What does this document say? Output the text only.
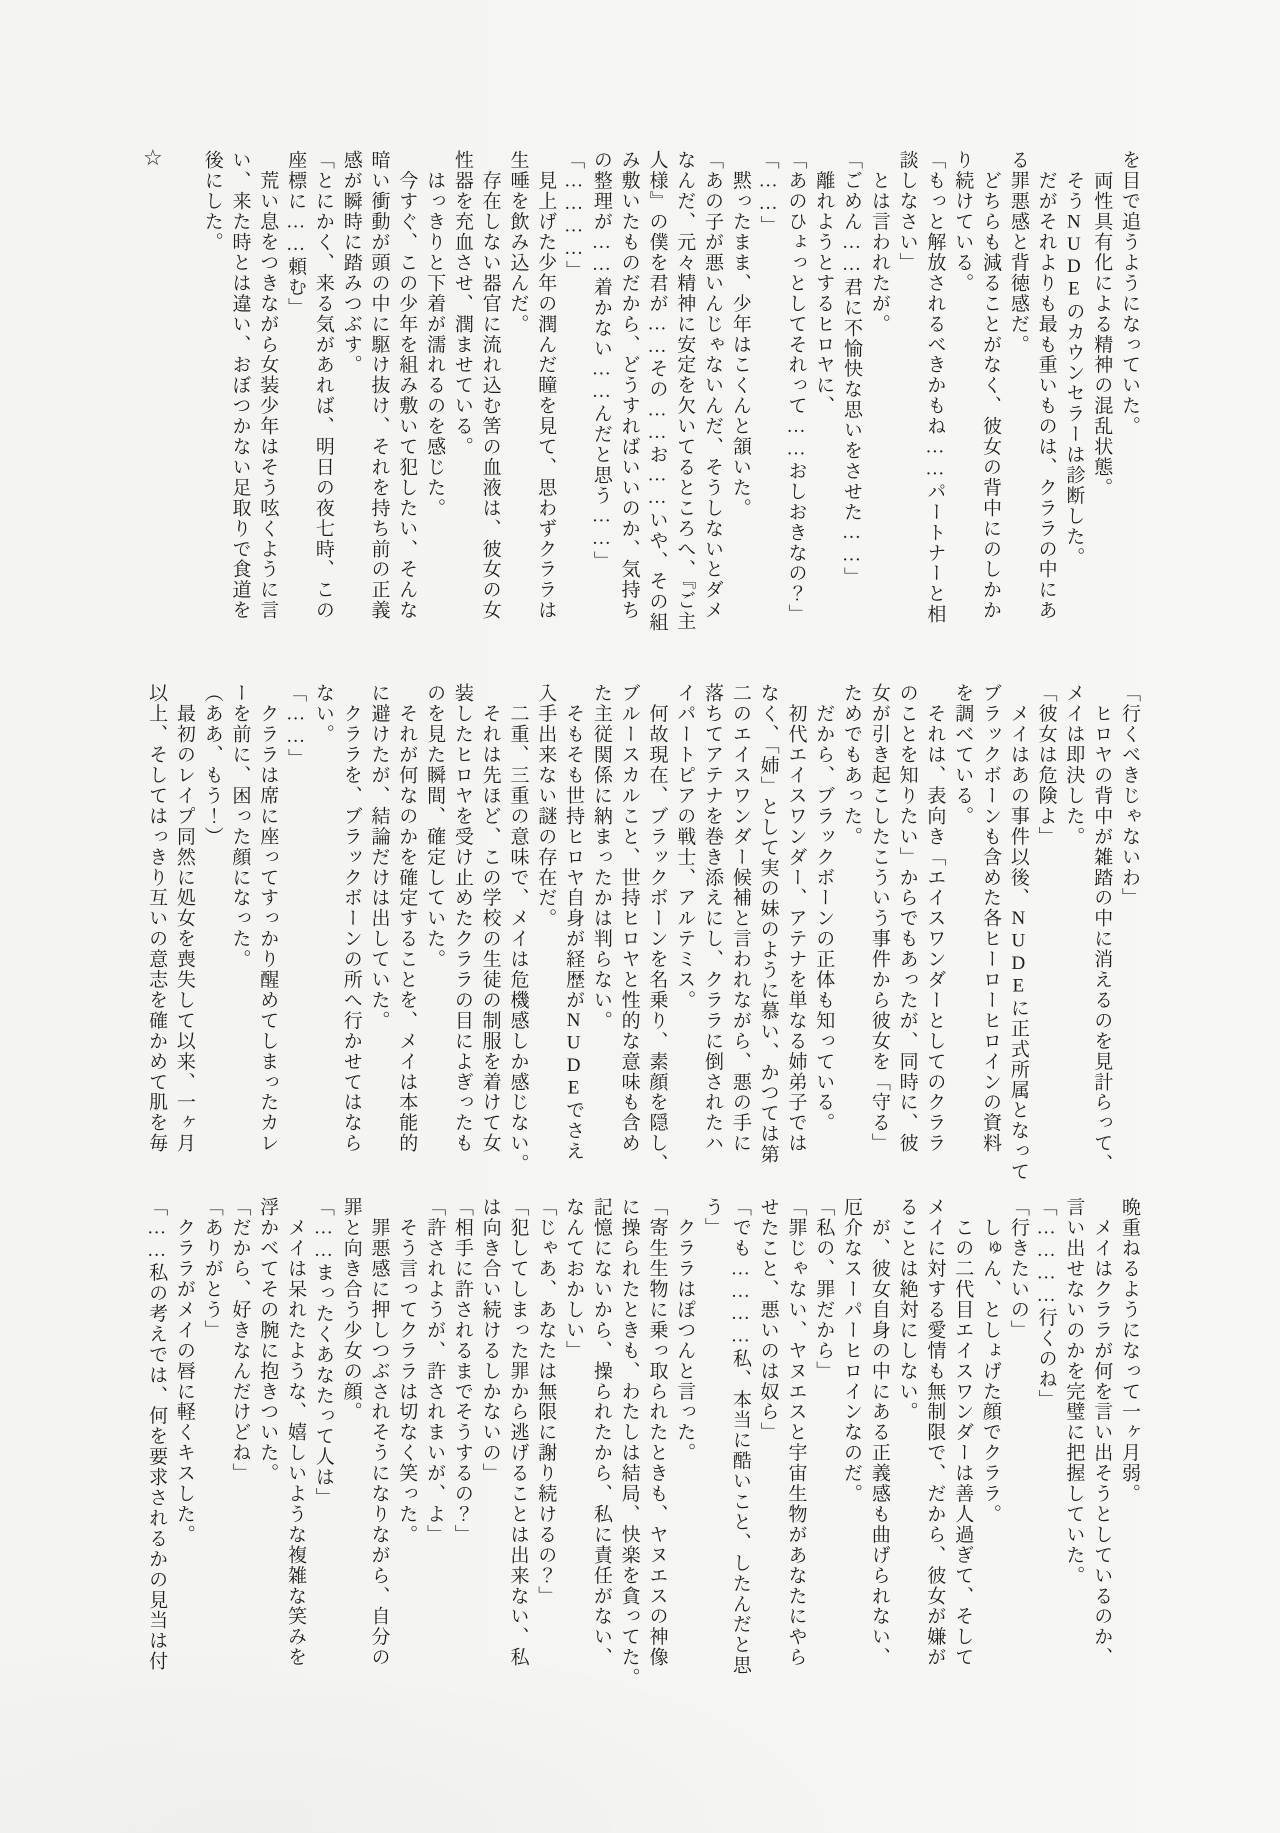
☆	を目で追うようになっていた。
　両性具有化による精神の混乱状態。
　そうNUDEのカウンセラーは診断した。
　だがそれよりも最も重いものは、クララの中にあ
る罪悪感と背徳感だ。
　どちらも減ることがなく、彼女の背中にのしかか
り続けている。
「もっと解放されるべきかもね……パートナーと相
談しなさい」
　とは言われたが。
「ごめん……君に不愉快な思いをさせた……」
　離れようとするヒロヤに、
「あのひょっとしてそれって……おしおきなの？」
「……」
　黙ったまま、少年はこくんと頷いた。
「あの子が悪いんじゃないんだ、そうしないとダメ
なんだ、元々精神に安定を欠いてるところへ、『ご主
人様』の僕を君が……その……お……いや、その組
み敷いたものだから、どうすればいいのか、気持ち
の整理が……着かない……んだと思う……」
「…………」
　見上げた少年の潤んだ瞳を見て、思わずクララは
生唾を飲み込んだ。
　存在しない器官に流れ込む筈の血液は、彼女の女
性器を充血させ、潤ませている。
　はっきりと下着が濡れるのを感じた。
　今すぐ、この少年を組み敷いて犯したい、そんな
暗い衝動が頭の中に駆け抜け、それを持ち前の正義
感が瞬時に踏みつぶす。
「とにかく、来る気があれば、明日の夜七時、この
座標に……頼む」
　荒い息をつきながら女装少年はそう呟くように言
い、来た時とは違い、おぼつかない足取りで食道を
後にした。
「行くべきじゃないわ」
　ヒロヤの背中が雑踏の中に消えるのを見計らって、
メイは即決した。
「彼女は危険よ」
　メイはあの事件以後、NUDEに正式所属となって
ブラックボーンも含めた各ヒーローヒロインの資料
を調べている。
　それは、表向き「エイスワンダーとしてのクララ
のことを知りたい」からでもあったが、同時に、彼
女が引き起こしたこういう事件から彼女を「守る」
ためでもあった。
　だから、ブラックボーンの正体も知っている。
　初代エイスワンダー、アテナを単なる姉弟子では
なく、「姉」として実の妹のように慕い、かつては第
二のエイスワンダー候補と言われながら、悪の手に
落ちてアテナを巻き添えにし、クララに倒されたハ
イパートピアの戦士、アルテミス。
　何故現在、ブラックボーンを名乗り、素顔を隠し、
ブルースカルこと、世持ヒロヤと性的な意味も含め
た主従関係に納まったかは判らない。
　そもそも世持ヒロヤ自身が経歴がNUDEでさえ
入手出来ない謎の存在だ。
　二重、三重の意味で、メイは危機感しか感じない。
　それは先ほど、この学校の生徒の制服を着けて女
装したヒロヤを受け止めたクララの目によぎったも
のを見た瞬間、確定していた。
　それが何なのかを確定することを、メイは本能的
に避けたが、結論だけは出していた。
　クララを、ブラックボーンの所へ行かせてはなら
ない。
「……」
　クララは席に座ってすっかり醒めてしまったカレ
ーを前に、困った顔になった。
（ああ、もう！）
　最初のレイプ同然に処女を喪失して以来、一ヶ月
以上、そしてはっきり互いの意志を確かめて肌を毎
晩重ねるようになって一ヶ月弱。
　メイはクララが何を言い出そうとしているのか、
言い出せないのかを完璧に把握していた。
「…………行くのね」
「行きたいの」
　しゅん、としょげた顔でクララ。
　この二代目エイスワンダーは善人過ぎて、そして
メイに対する愛情も無制限で、だから、彼女が嫌が
ることは絶対にしない。
　が、彼女自身の中にある正義感も曲げられない、
厄介なスーパーヒロインなのだ。
「私の、罪だから」
「罪じゃない、ヤヌエスと宇宙生物があなたにやら
せたこと、悪いのは奴ら」
「でも…………私、本当に酷いこと、したんだと思
う」
　クララはぽつんと言った。
「寄生生物に乗っ取られたときも、ヤヌエスの神像
に操られたときも、わたしは結局、快楽を貪ってた。
記憶にないから、操られたから、私に責任がない、
なんておかしい」
「じゃあ、あなたは無限に謝り続けるの？」
「犯してしまった罪から逃げることは出来ない、私
は向き合い続けるしかないの」
「相手に許されるまでそうするの？」
「許されようが、許されまいが、よ」
　そう言ってクララは切なく笑った。
　罪悪感に押しつぶされそうになりながら、自分の
罪と向き合う少女の顔。
「……まったくあなたって人は」
　メイは呆れたような、嬉しいような複雑な笑みを
浮かべてその腕に抱きついた。
「だから、好きなんだけどね」
「ありがとう」
　クララがメイの唇に軽くキスした。
「……私の考えでは、何を要求されるかの見当は付
